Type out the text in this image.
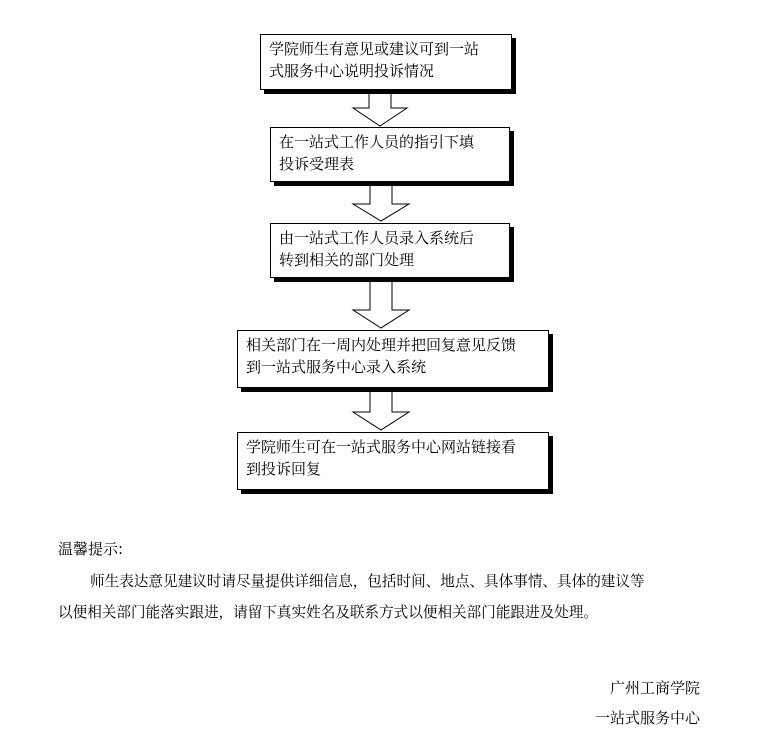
学院师生有意见或建议可到一站
式服务中心说明投诉情况
在一站式工作人员的指引下填
投诉受理表
由一站式工作人员录入系统后
转到相关的部门处理
相关部门在一周内处理并把回复意见反馈
到一站式服务中心录入系统
学院师生可在一站式服务中心网站链接看
到投诉回复
温馨提示:
师生表达意见建议时请尽量提供详细信息，包括时间、地点、具体事情、具体的建议等
以便相关部门能落实跟进，请留下真实姓名及联系方式以便相关部门能跟进及处理。
广州工商学院
一站式服务中心
